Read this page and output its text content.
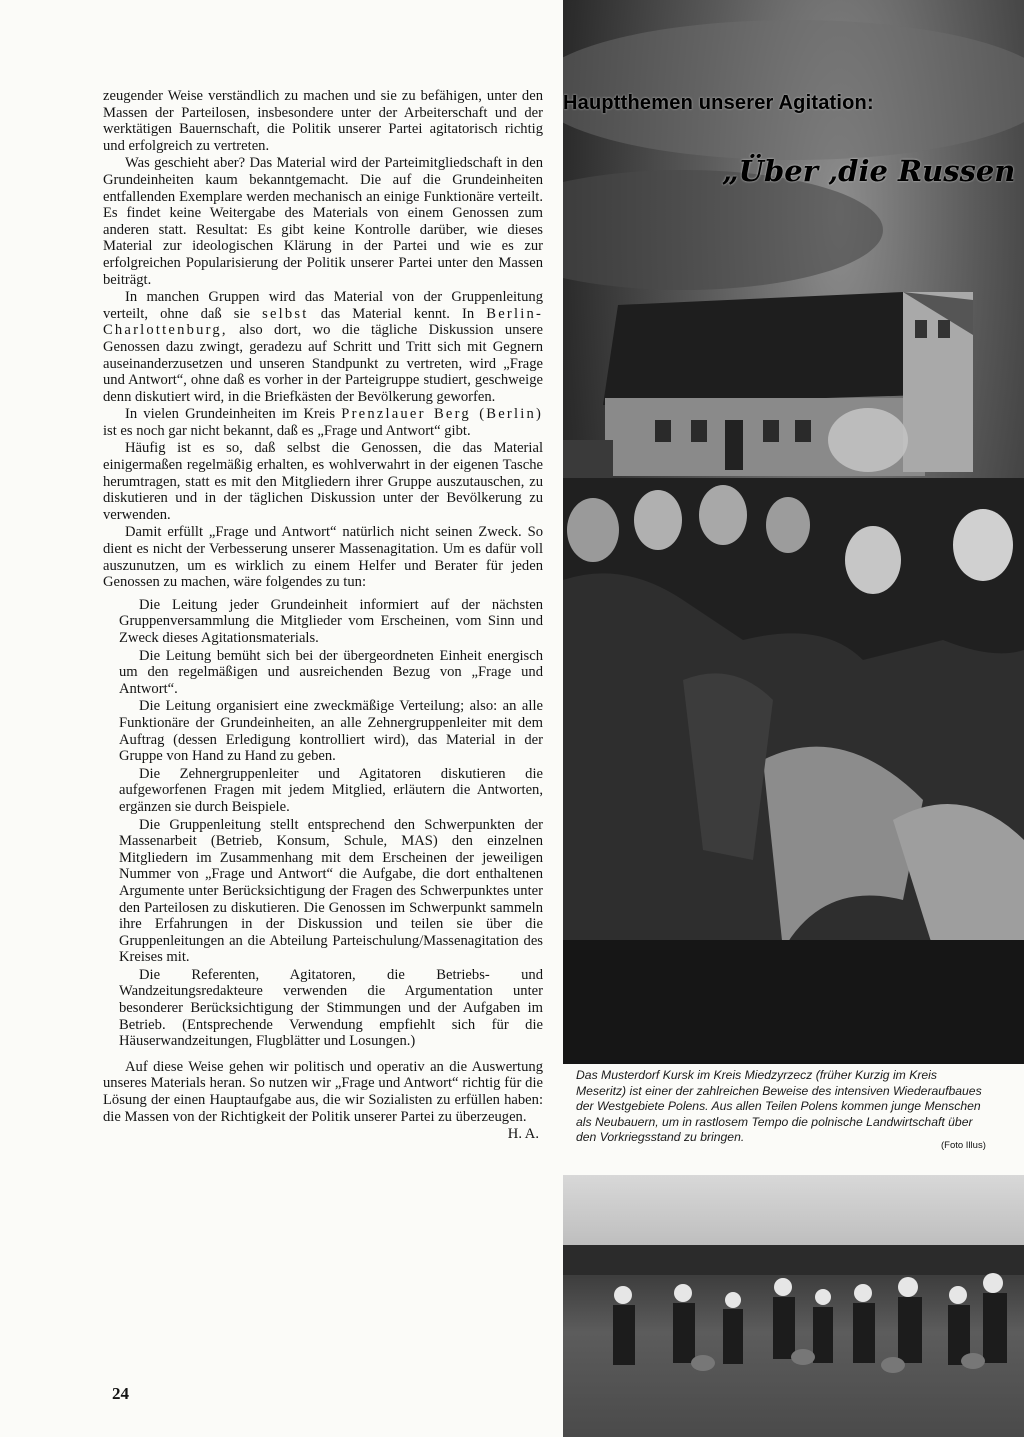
zeugender Weise verständlich zu machen und sie zu befähigen, unter den Massen der Parteilosen, insbesondere unter der Arbeiterschaft und der werktätigen Bauernschaft, die Politik unserer Partei agitatorisch richtig und erfolgreich zu vertreten.

Was geschieht aber? Das Material wird der Parteimitgliedschaft in den Grundeinheiten kaum bekanntgemacht. Die auf die Grundeinheiten entfallenden Exemplare werden mechanisch an einige Funktionäre verteilt. Es findet keine Weitergabe des Materials von einem Genossen zum anderen statt. Resultat: Es gibt keine Kontrolle darüber, wie dieses Material zur ideologischen Klärung in der Partei und wie es zur erfolgreichen Popularisierung der Politik unserer Partei unter den Massen beiträgt.

In manchen Gruppen wird das Material von der Gruppenleitung verteilt, ohne daß sie selbst das Material kennt. In Berlin-Charlottenburg, also dort, wo die tägliche Diskussion unsere Genossen dazu zwingt, geradezu auf Schritt und Tritt sich mit Gegnern auseinanderzusetzen und unseren Standpunkt zu vertreten, wird „Frage und Antwort“, ohne daß es vorher in der Parteigruppe studiert, geschweige denn diskutiert wird, in die Briefkästen der Bevölkerung geworfen.

In vielen Grundeinheiten im Kreis Prenzlauer Berg (Berlin) ist es noch gar nicht bekannt, daß es „Frage und Antwort“ gibt.

Häufig ist es so, daß selbst die Genossen, die das Material einigermaßen regelmäßig erhalten, es wohlverwahrt in der eigenen Tasche herumtragen, statt es mit den Mitgliedern ihrer Gruppe auszutauschen, zu diskutieren und in der täglichen Diskussion unter der Bevölkerung zu verwenden.

Damit erfüllt „Frage und Antwort“ natürlich nicht seinen Zweck. So dient es nicht der Verbesserung unserer Massenagitation. Um es dafür voll auszunutzen, um es wirklich zu einem Helfer und Berater für jeden Genossen zu machen, wäre folgendes zu tun:

Die Leitung jeder Grundeinheit informiert auf der nächsten Gruppenversammlung die Mitglieder vom Erscheinen, vom Sinn und Zweck dieses Agitationsmaterials.

Die Leitung bemüht sich bei der übergeordneten Einheit energisch um den regelmäßigen und ausreichenden Bezug von „Frage und Antwort“.

Die Leitung organisiert eine zweckmäßige Verteilung; also: an alle Funktionäre der Grundeinheiten, an alle Zehnergruppenleiter mit dem Auftrag (dessen Erledigung kontrolliert wird), das Material in der Gruppe von Hand zu Hand zu geben.

Die Zehnergruppenleiter und Agitatoren diskutieren die aufgeworfenen Fragen mit jedem Mitglied, erläutern die Antworten, ergänzen sie durch Beispiele.

Die Gruppenleitung stellt entsprechend den Schwerpunkten der Massenarbeit (Betrieb, Konsum, Schule, MAS) den einzelnen Mitgliedern im Zusammenhang mit dem Erscheinen der jeweiligen Nummer von „Frage und Antwort“ die Aufgabe, die dort enthaltenen Argumente unter Berücksichtigung der Fragen des Schwerpunktes unter den Parteilosen zu diskutieren. Die Genossen im Schwerpunkt sammeln ihre Erfahrungen in der Diskussion und teilen sie über die Gruppenleitungen an die Abteilung Parteischulung/Massenagitation des Kreises mit.

Die Referenten, Agitatoren, die Betriebs- und Wandzeitungsredakteure verwenden die Argumentation unter besonderer Berücksichtigung der Stimmungen und der Aufgaben im Betrieb. (Entsprechende Verwendung empfiehlt sich für die Häuserwandzeitungen, Flugblätter und Losungen.)

Auf diese Weise gehen wir politisch und operativ an die Auswertung unseres Materials heran. So nutzen wir „Frage und Antwort“ richtig für die Lösung der einen Hauptaufgabe aus, die wir Sozialisten zu erfüllen haben: die Massen von der Richtigkeit der Politik unserer Partei zu überzeugen.

H. A.
24
Hauptthemen unserer Agitation:
„Über ‚die Russen
Das Musterdorf Kursk im Kreis Miedzyrzecz (früher Kurzig im Kreis Meseritz) ist einer der zahlreichen Beweise des intensiven Wiederaufbaues der Westgebiete Polens. Aus allen Teilen Polens kommen junge Menschen als Neubauern, um in rastlosem Tempo die polnische Landwirtschaft über den Vorkriegsstand zu bringen.
(Foto Illus)
